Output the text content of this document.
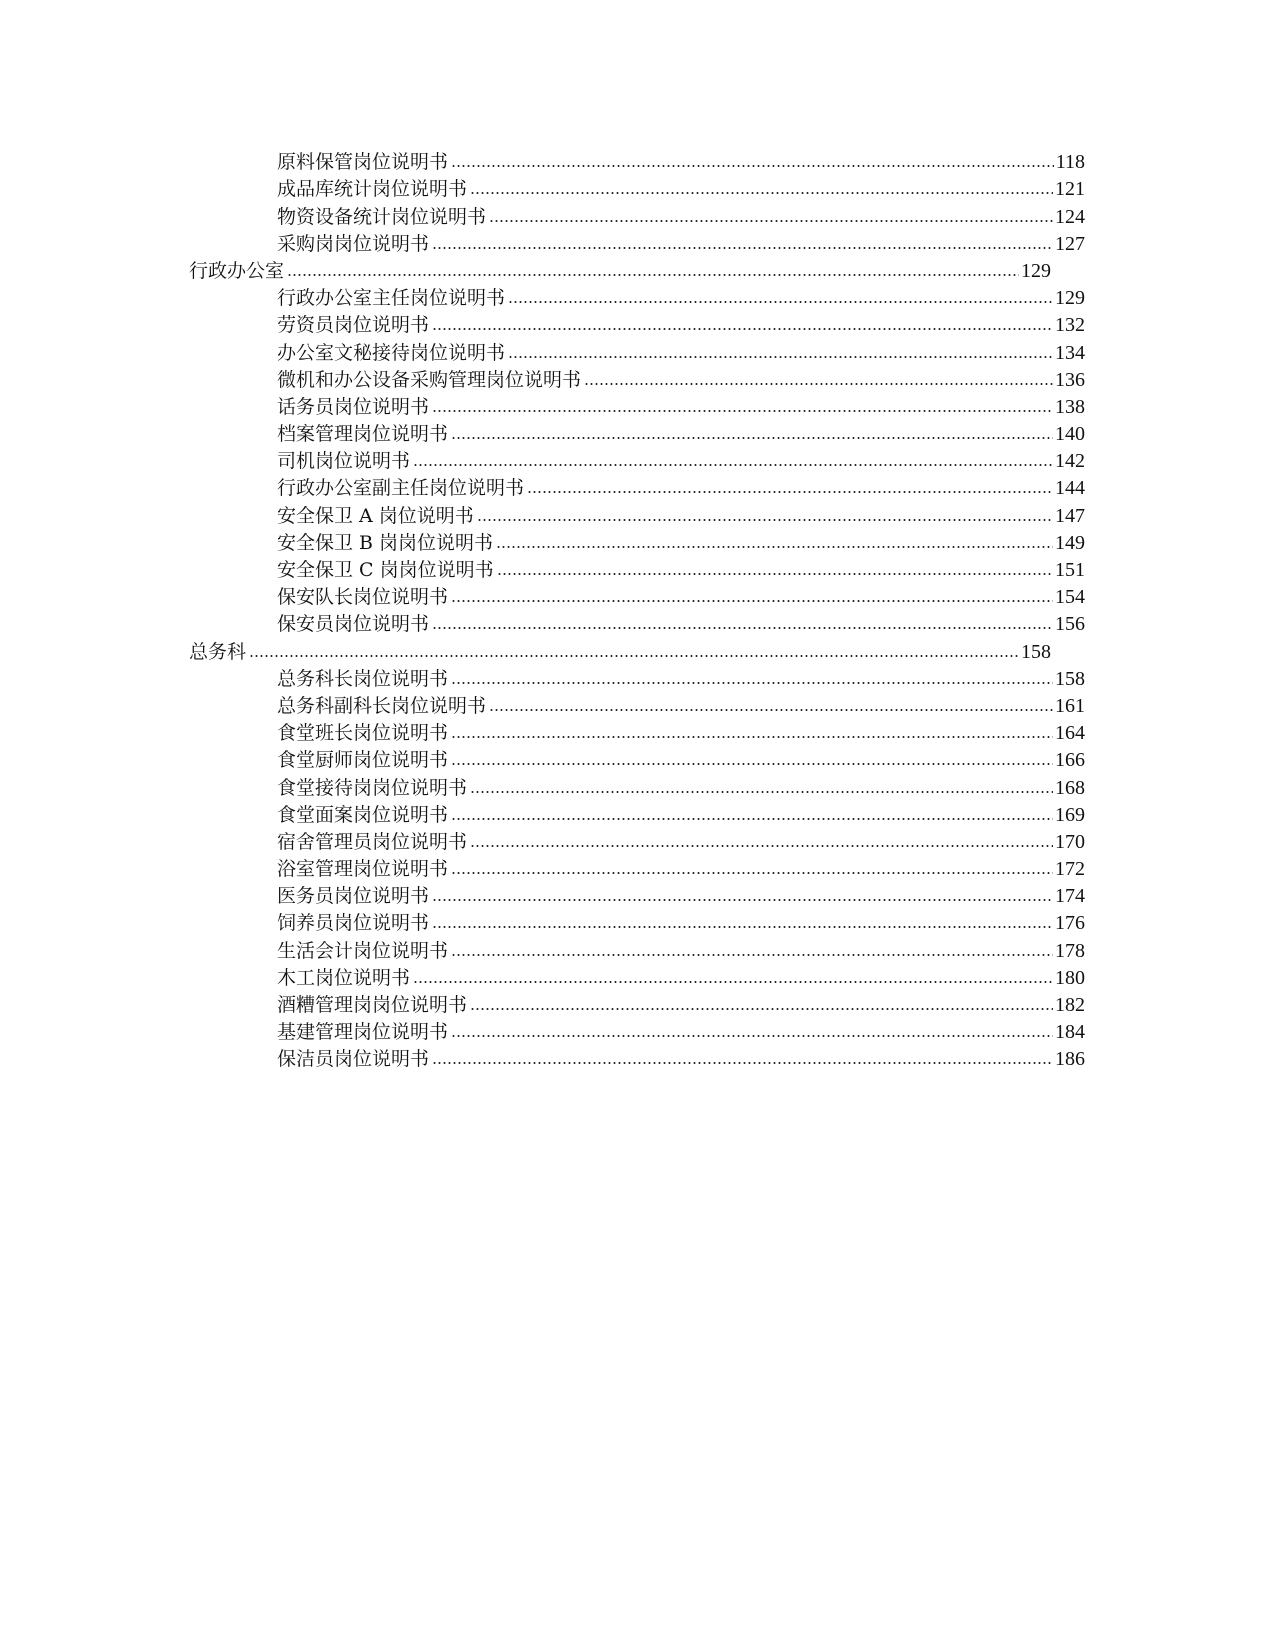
原料保管岗位说明书	118
成品库统计岗位说明书	121
物资设备统计岗位说明书	124
采购岗岗位说明书	127
行政办公室	129
行政办公室主任岗位说明书	129
劳资员岗位说明书	132
办公室文秘接待岗位说明书	134
微机和办公设备采购管理岗位说明书	136
话务员岗位说明书	138
档案管理岗位说明书	140
司机岗位说明书	142
行政办公室副主任岗位说明书	144
安全保卫 A 岗位说明书	147
安全保卫 B 岗岗位说明书	149
安全保卫 C 岗岗位说明书	151
保安队长岗位说明书	154
保安员岗位说明书	156
总务科	158
总务科长岗位说明书	158
总务科副科长岗位说明书	161
食堂班长岗位说明书	164
食堂厨师岗位说明书	166
食堂接待岗岗位说明书	168
食堂面案岗位说明书	169
宿舍管理员岗位说明书	170
浴室管理岗位说明书	172
医务员岗位说明书	174
饲养员岗位说明书	176
生活会计岗位说明书	178
木工岗位说明书	180
酒糟管理岗岗位说明书	182
基建管理岗位说明书	184
保洁员岗位说明书	186
